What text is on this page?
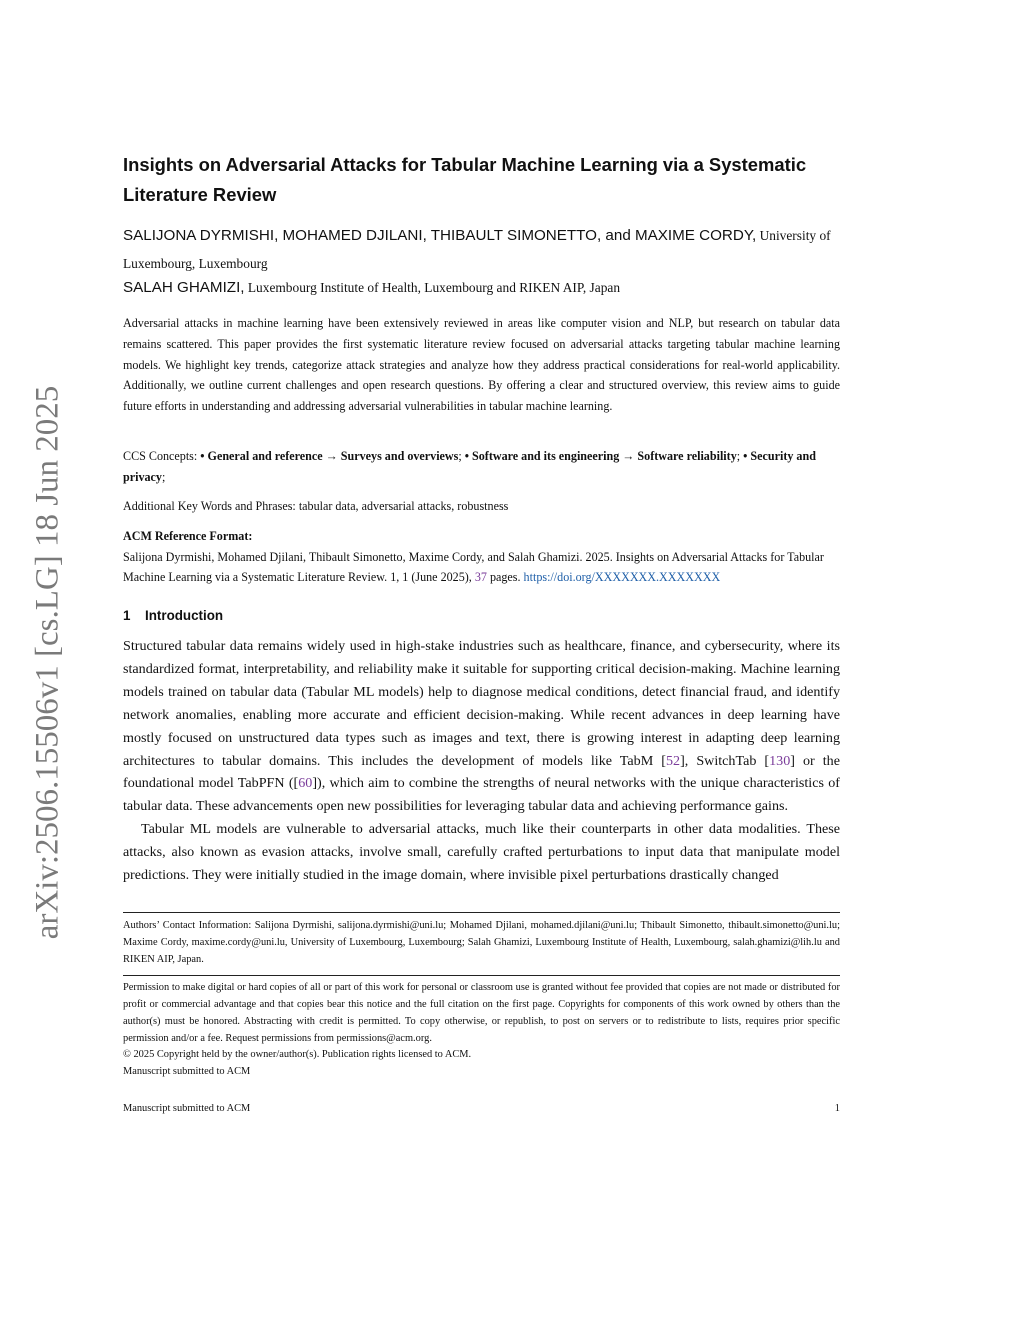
arXiv:2506.15506v1 [cs.LG] 18 Jun 2025
Insights on Adversarial Attacks for Tabular Machine Learning via a Systematic Literature Review
SALIJONA DYRMISHI, MOHAMED DJILANI, THIBAULT SIMONETTO, and MAXIME CORDY, University of Luxembourg, Luxembourg
SALAH GHAMIZI, Luxembourg Institute of Health, Luxembourg and RIKEN AIP, Japan

Adversarial attacks in machine learning have been extensively reviewed in areas like computer vision and NLP, but research on tabular data remains scattered. This paper provides the first systematic literature review focused on adversarial attacks targeting tabular machine learning models. We highlight key trends, categorize attack strategies and analyze how they address practical considerations for real-world applicability. Additionally, we outline current challenges and open research questions. By offering a clear and structured overview, this review aims to guide future efforts in understanding and addressing adversarial vulnerabilities in tabular machine learning.

CCS Concepts: • General and reference → Surveys and overviews; • Software and its engineering → Software reliability; • Security and privacy;

Additional Key Words and Phrases: tabular data, adversarial attacks, robustness

ACM Reference Format:

Salijona Dyrmishi, Mohamed Djilani, Thibault Simonetto, Maxime Cordy, and Salah Ghamizi. 2025. Insights on Adversarial Attacks for Tabular Machine Learning via a Systematic Literature Review. 1, 1 (June 2025), 37 pages. https://doi.org/XXXXXXX.XXXXXXX

1 Introduction

Structured tabular data remains widely used in high-stake industries such as healthcare, finance, and cybersecurity, where its standardized format, interpretability, and reliability make it suitable for supporting critical decision-making. Machine learning models trained on tabular data (Tabular ML models) help to diagnose medical conditions, detect financial fraud, and identify network anomalies, enabling more accurate and efficient decision-making. While recent advances in deep learning have mostly focused on unstructured data types such as images and text, there is growing interest in adapting deep learning architectures to tabular domains. This includes the development of models like TabM [52], SwitchTab [130] or the foundational model TabPFN ([60]), which aim to combine the strengths of neural networks with the unique characteristics of tabular data. These advancements open new possibilities for leveraging tabular data and achieving performance gains.

Tabular ML models are vulnerable to adversarial attacks, much like their counterparts in other data modalities. These attacks, also known as evasion attacks, involve small, carefully crafted perturbations to input data that manipulate model predictions. They were initially studied in the image domain, where invisible pixel perturbations drastically changed

Authors’ Contact Information: Salijona Dyrmishi, salijona.dyrmishi@uni.lu; Mohamed Djilani, mohamed.djilani@uni.lu; Thibault Simonetto, thibault.simonetto@uni.lu; Maxime Cordy, maxime.cordy@uni.lu, University of Luxembourg, Luxembourg; Salah Ghamizi, Luxembourg Institute of Health, Luxembourg, salah.ghamizi@lih.lu and RIKEN AIP, Japan.

Permission to make digital or hard copies of all or part of this work for personal or classroom use is granted without fee provided that copies are not made or distributed for profit or commercial advantage and that copies bear this notice and the full citation on the first page. Copyrights for components of this work owned by others than the author(s) must be honored. Abstracting with credit is permitted. To copy otherwise, or republish, to post on servers or to redistribute to lists, requires prior specific permission and/or a fee. Request permissions from permissions@acm.org.

© 2025 Copyright held by the owner/author(s). Publication rights licensed to ACM.

Manuscript submitted to ACM

Manuscript submitted to ACM	1
